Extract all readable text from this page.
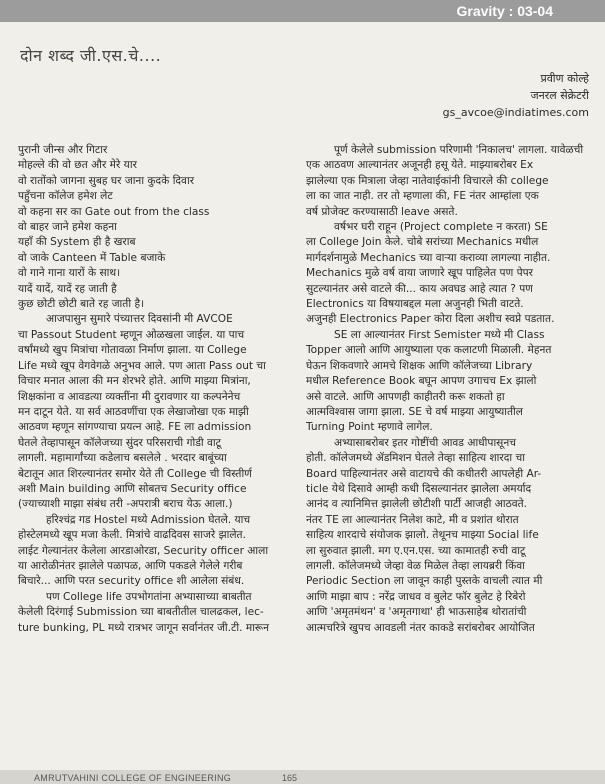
Gravity : 03-04
दोन शब्द जी.एस.चे....
प्रवीण कोल्हे
जनरल सेक्रेटरी
gs_avcoe@indiatimes.com
पुरानी जीन्स और गिटार
मोहल्ले की वो छत और मेरे यार
वो रातोंको जागना सुबह घर जाना कुदके दिवार
पहुँचना कॉलेज हमेश लेट
वो कहना सर का Gate out from the class
वो बाहर जाने हमेश कहना
यहाँ की System ही है खराब
वो जाके Canteen में Table बजाके
वो गाने गाना यारों के साथ।
यादें यादें, यादें रह जाती है
कुछ छोटी छोटी बाते रह जाती है।
आजपासुन सुमारे पंच्यात्तर दिवसांनी मी AVCOE
चा Passout Student म्हणून ओळखला जाईल. या पाच
वर्षांमध्ये खुप मित्रांचा गोतावळा निर्माण झाला. या College
Life मध्ये खूप वेगवेगळे अनुभव आले. पण आता Pass out चा
विचार मनात आला की मन शेरभरे होते. आणि माझ्या मित्रांना,
शिक्षकांना व आवडत्या व्यक्तींना मी दुरावणार या कल्पनेनेच
मन दाटून येते. या सर्व आठवणींचा एक लेखाजोखा एक माझी
आठवण म्हणून सांगण्याचा प्रयत्न आहे. FE ला admission
घेतले तेव्हापासून कॉलेजच्या सुंदर परिसराची गोडी वाटू
लागली. महामार्गांच्या कडेलाच बसलेले . भरदार बाबूंच्या
बेटातून आत शिरल्यानंतर समोर येते ती College ची विस्तीर्ण
अशी Main building आणि सोबतच Security office
(ज्याच्याशी माझा संबंध तरी -अपरात्री बराच येऊ आला.)
हरिश्चंद्र गड Hostel मध्ये Admission घेतले. याच
होस्टेलमध्ये खूप मजा केली. मित्रांचे वाढदिवस साजरे झालेत.
लाईट गेल्यानंतर केलेला आरडाओरडा, Security officer आला
या आरोळीनंतर झालेले पळापळ, आणि पकडले गेलेले गरीब
बिचारे... आणि परत security office शी आलेला संबंध.
पण College life उपभोगतांना अभ्यासाच्या बाबतीत
केलेली दिरंगाई Submission च्या बाबतीतील चालढकल, lec-
ture bunking, PL मध्ये रात्रभर जागून सर्वानंतर जी.टी. मारून
पूर्ण केलेले submission परिणामी 'निकालच' लागला. यावेळची
एक आठवण आल्यानंतर अजूनही हसू येते. माझ्याबरोबर Ex
झालेल्या एक मित्राला जेव्हा नातेवाईकांनी विचारले की college
ला का जात नाही. तर तो म्हणाला की, FE नंतर आम्हांला एक
वर्ष प्रोजेक्ट करण्यासाठी leave असते.
वर्षभर घरी राहून (Project complete न करता) SE
ला College Join केले. चोबे सरांच्या Mechanics मधील
मार्गदर्शनामुळे Mechanics च्या वाऱ्या कराव्या लागल्या नाहीत.
Mechanics मुळे वर्ष वाया जाणारे खूप पाहिलेत पण पेपर
सुटल्यानंतर असे वाटले की... काय अवघड आहे त्यात ? पण
Electronics या विषयाबद्दल मला अजुनही भिती वाटते.
अजुनही Electronics Paper कोरा दिला अशीच स्वप्ने पडतात.
SE ला आल्यानंतर First Semister मध्ये मी Class
Topper आलो आणि आयुष्याला एक कलाटणी मिळाली. मेहनत
घेऊन शिकवणारे आमचे शिक्षक आणि कॉलेजच्या Library
मधील Reference Book बघून आपण उगाचच Ex झालो
असे वाटले. आणि आपणही काहीतरी करू शकतो हा
आत्मविश्वास जागा झाला. SE चे वर्ष माझ्या आयुष्यातील
Turning Point म्हणावे लागेल.
अभ्यासाबरोबर इतर गोष्टींची आवड आधीपासूनच
होती. कॉलेजमध्ये ॲडमिशन घेतले तेव्हा साहित्य शारदा चा
Board पाहिल्यानंतर असे वाटायचे की कधीतरी आपलेही Ar-
ticle येथे दिसावे आम्ही कधी दिसल्यानंतर झालेला अमर्याद
आनंद व त्यानिमित्त झालेली छोटीशी पार्टी आजही आठवते.
नंतर TE ला आल्यानंतर निलेश काटे, मी व प्रशांत थोरात
साहित्य शारदाचे संयोजक झालो. तेथूनच माझ्या Social life
ला सुरुवात झाली. मग ए.एन.एस. च्या कामातही रुची वाटू
लागली. कॉलेजमध्ये जेव्हा वेळ मिळेल तेव्हा लायब्ररी किंवा
Periodic Section ला जावून काही पुस्तके वाचली त्यात मी
आणि माझा बाप : नरेंद्र जाधव व बुलेट फॉर बुलेट हे रिबेरो
आणि 'अमृतमंथन' व 'अमृतगाथा' ही भाऊसाहेब थोरातांची
आत्मचरित्रे खुपच आवडली नंतर काकडे सरांबरोबर आयोजित
AMRUTVAHINI COLLEGE OF ENGINEERING	165
